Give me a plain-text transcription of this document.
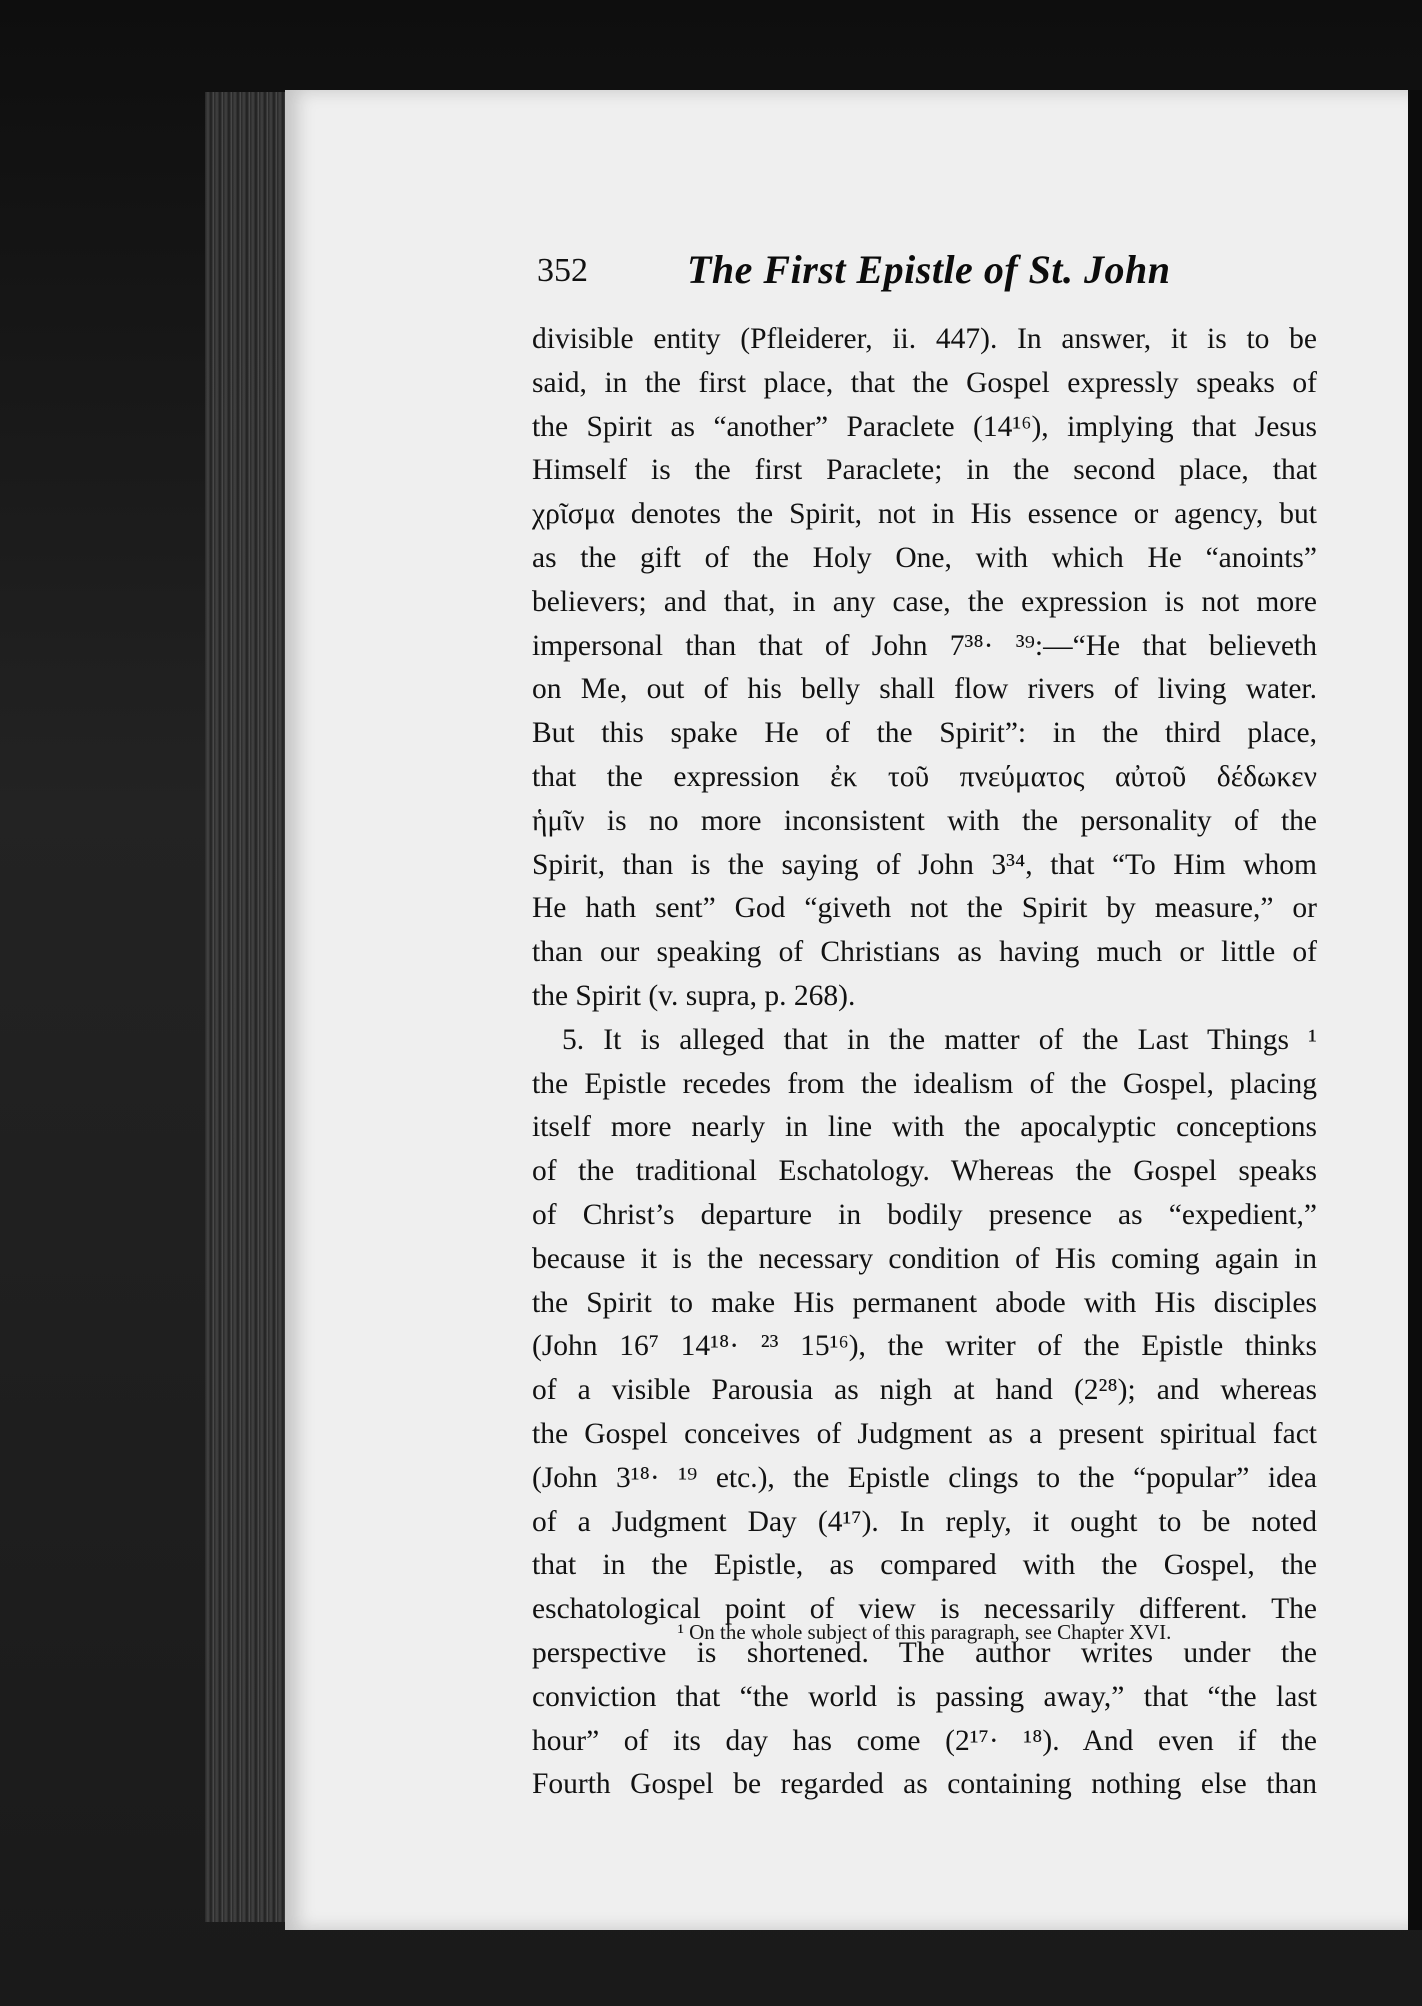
352 The First Epistle of St. John
divisible entity (Pfleiderer, ii. 447). In answer, it is to be
said, in the first place, that the Gospel expressly speaks of
the Spirit as “another” Paraclete (14¹⁶), implying that Jesus
Himself is the first Paraclete; in the second place, that
χρῖσμα denotes the Spirit, not in His essence or agency, but
as the gift of the Holy One, with which He “anoints”
believers; and that, in any case, the expression is not more
impersonal than that of John 7³⁸· ³⁹:—“He that believeth
on Me, out of his belly shall flow rivers of living water.
But this spake He of the Spirit”: in the third place,
that the expression ἐκ τοῦ πνεύματος αὐτοῦ δέδωκεν
ἡμῖν is no more inconsistent with the personality of the
Spirit, than is the saying of John 3³⁴, that “To Him whom
He hath sent” God “giveth not the Spirit by measure,” or
than our speaking of Christians as having much or little of
the Spirit (v. supra, p. 268).
5. It is alleged that in the matter of the Last Things ¹
the Epistle recedes from the idealism of the Gospel, placing
itself more nearly in line with the apocalyptic conceptions
of the traditional Eschatology. Whereas the Gospel speaks
of Christ’s departure in bodily presence as “expedient,”
because it is the necessary condition of His coming again in
the Spirit to make His permanent abode with His disciples
(John 16⁷ 14¹⁸· ²³ 15¹⁶), the writer of the Epistle thinks
of a visible Parousia as nigh at hand (2²⁸); and whereas
the Gospel conceives of Judgment as a present spiritual fact
(John 3¹⁸· ¹⁹ etc.), the Epistle clings to the “popular” idea
of a Judgment Day (4¹⁷). In reply, it ought to be noted
that in the Epistle, as compared with the Gospel, the
eschatological point of view is necessarily different. The
perspective is shortened. The author writes under the
conviction that “the world is passing away,” that “the last
hour” of its day has come (2¹⁷· ¹⁸). And even if the
Fourth Gospel be regarded as containing nothing else than
¹ On the whole subject of this paragraph, see Chapter XVI.
